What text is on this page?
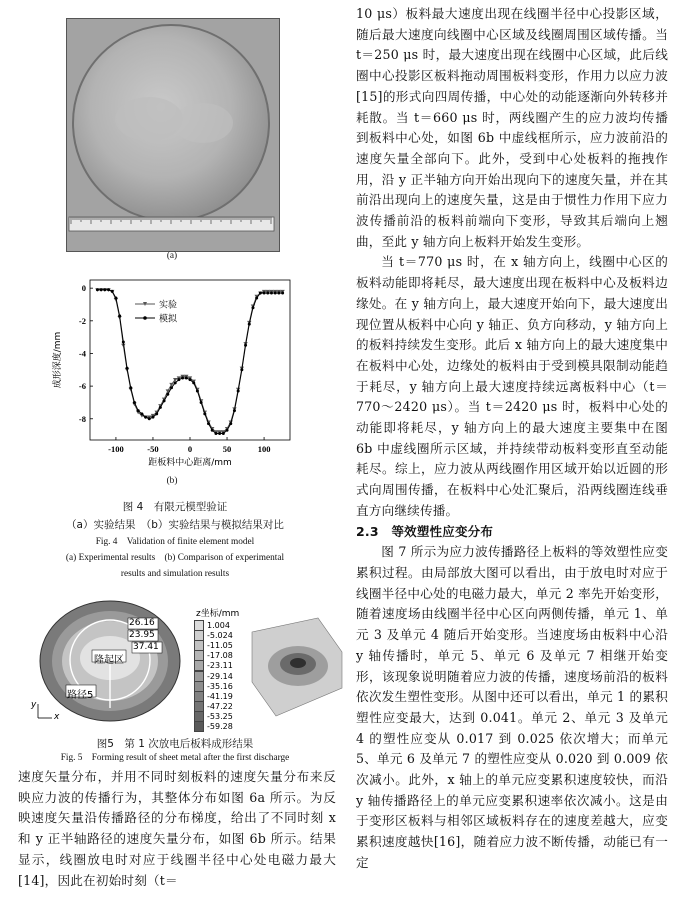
(a)
-100	-50	0	50	100
0
-2
-4
-6
-8
距板料中心距离/mm
成形深度/mm
实验
模拟
(b)
图 4　有限元模型验证
（a）实验结果　（b）实验结果与模拟结果对比
Fig. 4　Validation of finite element model
(a) Experimental results　(b) Comparison of experimental
results and simulation results
26.16
23.95
37.41
隆起区
路径5
y
x
z坐标/mm
1.004
-5.024
-11.05
-17.08
-23.11
-29.14
-35.16
-41.19
-47.22
-53.25
-59.28
图5　第 1 次放电后板料成形结果
Fig. 5　Forming result of sheet metal after the first discharge

速度矢量分布，并用不同时刻板料的速度矢量分布来反映应力波的传播行为，其整体分布如图 6a 所示。为反映速度矢量沿传播路径的分布梯度，给出了不同时刻 x 和 y 正半轴路径的速度矢量分布，如图 6b 所示。结果显示，线圈放电时对应于线圈半径中心处电磁力最大[14]，因此在初始时刻（t＝

10 μs）板料最大速度出现在线圈半径中心投影区域，随后最大速度向线圈中心区域及线圈周围区域传播。当 t＝250 μs 时，最大速度出现在线圈中心区域，此后线圈中心投影区板料拖动周围板料变形，作用力以应力波[15]的形式向四周传播，中心处的动能逐渐向外转移并耗散。当 t＝660 μs 时，两线圈产生的应力波均传播到板料中心处，如图 6b 中虚线框所示，应力波前沿的速度矢量全部向下。此外，受到中心处板料的拖拽作用，沿 y 正半轴方向开始出现向下的速度矢量，并在其前沿出现向上的速度矢量，这是由于惯性力作用下应力波传播前沿的板料前端向下变形，导致其后端向上翘曲，至此 y 轴方向上板料开始发生变形。

当 t＝770 μs 时，在 x 轴方向上，线圈中心区的板料动能即将耗尽，最大速度出现在板料中心及板料边缘处。在 y 轴方向上，最大速度开始向下，最大速度出现位置从板料中心向 y 轴正、负方向移动，y 轴方向上的板料持续发生变形。此后 x 轴方向上的最大速度集中在板料中心处，边缘处的板料由于受到模具限制动能趋于耗尽，y 轴方向上最大速度持续远离板料中心（t＝770～2420 μs）。当 t＝2420 μs 时，板料中心处的动能即将耗尽，y 轴方向上的最大速度主要集中在图 6b 中虚线圈所示区域，并持续带动板料变形直至动能耗尽。综上，应力波从两线圈作用区域开始以近圆的形式向周围传播，在板料中心处汇聚后，沿两线圈连线垂直方向继续传播。

2.3　等效塑性应变分布

图 7 所示为应力波传播路径上板料的等效塑性应变累积过程。由局部放大图可以看出，由于放电时对应于线圈半径中心处的电磁力最大，单元 2 率先开始变形，随着速度场由线圈半径中心区向两侧传播，单元 1、单元 3 及单元 4 随后开始变形。当速度场由板料中心沿 y 轴传播时，单元 5、单元 6 及单元 7 相继开始变形，该现象说明随着应力波的传播，速度场前沿的板料依次发生塑性变形。从图中还可以看出，单元 1 的累积塑性应变最大，达到 0.041。单元 2、单元 3 及单元 4 的塑性应变从 0.017 到 0.025 依次增大；而单元 5、单元 6 及单元 7 的塑性应变从 0.020 到 0.009 依次减小。此外，x 轴上的单元应变累积速度较快，而沿 y 轴传播路径上的单元应变累积速率依次减小。这是由于变形区板料与相邻区域板料存在的速度差越大，应变累积速度越快[16]，随着应力波不断传播，动能已有一定
